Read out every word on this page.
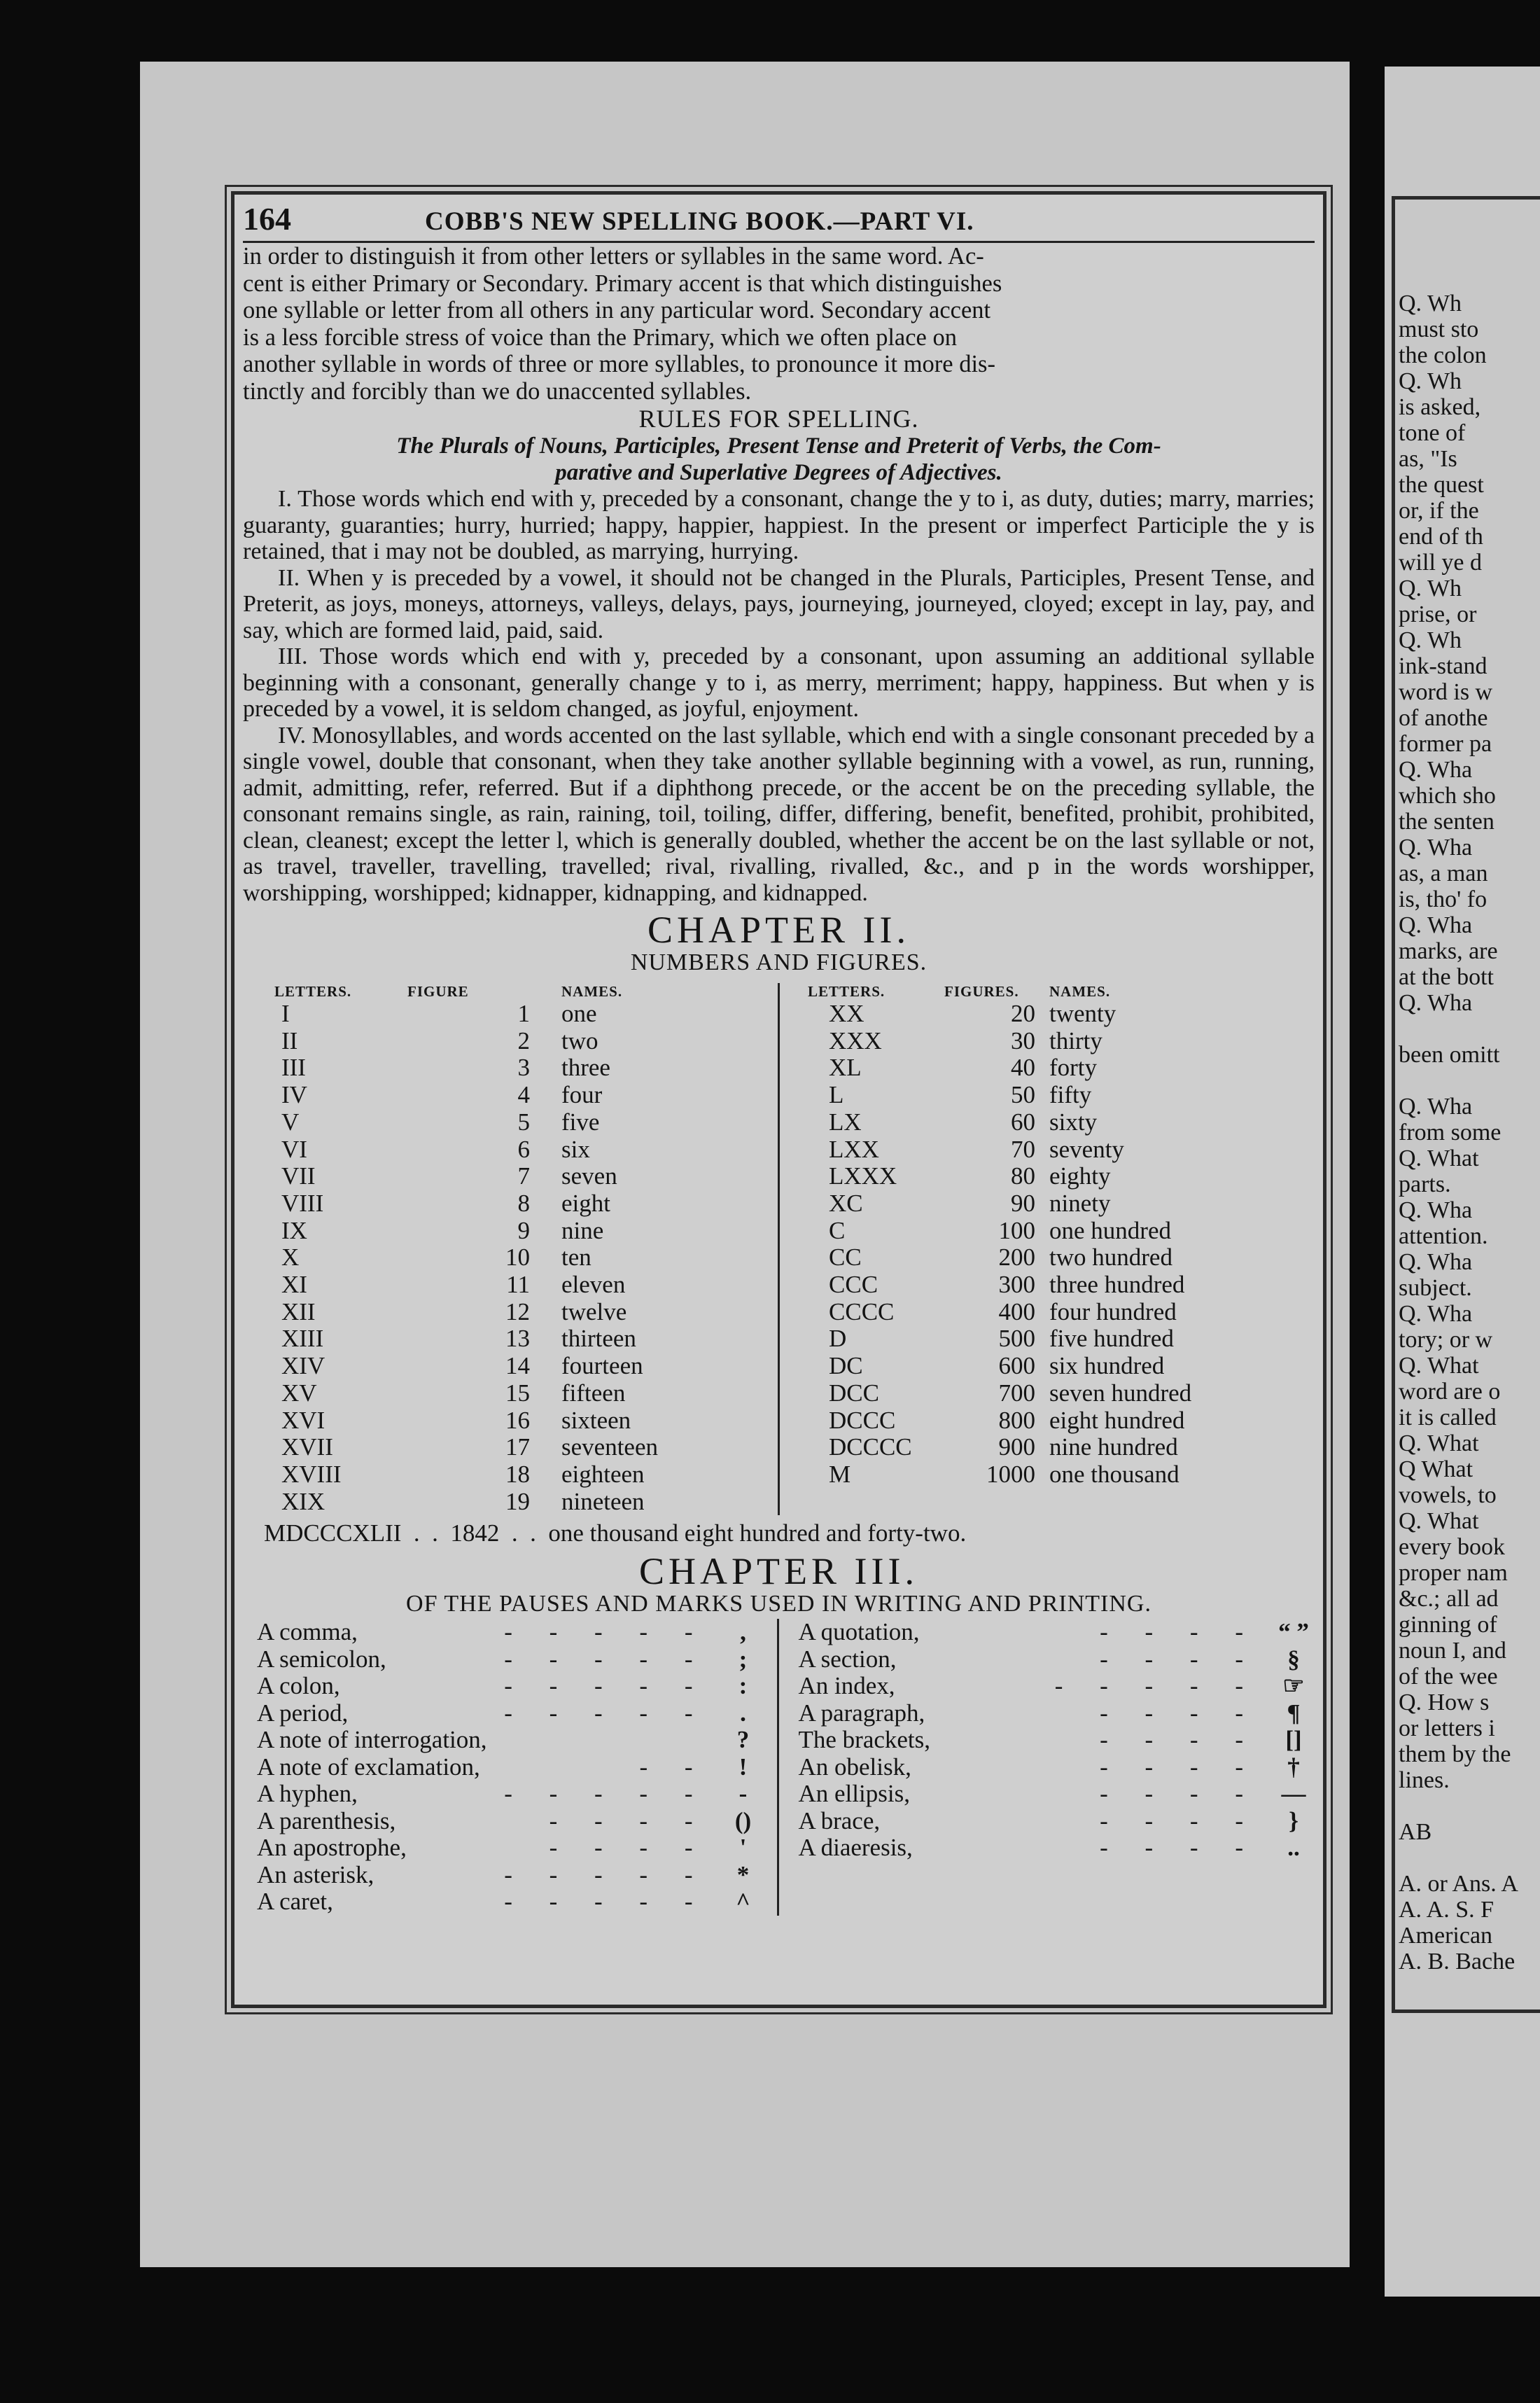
164	COBB'S NEW SPELLING BOOK.—PART VI.

in order to distinguish it from other letters or syllables in the same word. Ac-

cent is either Primary or Secondary. Primary accent is that which distinguishes

one syllable or letter from all others in any particular word. Secondary accent

is a less forcible stress of voice than the Primary, which we often place on

another syllable in words of three or more syllables, to pronounce it more dis-

tinctly and forcibly than we do unaccented syllables.

RULES FOR SPELLING.

The Plurals of Nouns, Participles, Present Tense and Preterit of Verbs, the Com-

parative and Superlative Degrees of Adjectives.

I. Those words which end with y, preceded by a consonant, change the y to i, as duty, duties; marry, marries; guaranty, guaranties; hurry, hurried; happy, happier, happiest. In the present or imperfect Participle the y is retained, that i may not be doubled, as marrying, hurrying.

II. When y is preceded by a vowel, it should not be changed in the Plurals, Participles, Present Tense, and Preterit, as joys, moneys, attorneys, valleys, delays, pays, journeying, journeyed, cloyed; except in lay, pay, and say, which are formed laid, paid, said.

III. Those words which end with y, preceded by a consonant, upon assuming an additional syllable beginning with a consonant, generally change y to i, as merry, merriment; happy, happiness. But when y is preceded by a vowel, it is seldom changed, as joyful, enjoyment.

IV. Monosyllables, and words accented on the last syllable, which end with a single consonant preceded by a single vowel, double that consonant, when they take another syllable beginning with a vowel, as run, running, admit, admitting, refer, referred. But if a diphthong precede, or the accent be on the preceding syllable, the consonant remains single, as rain, raining, toil, toiling, differ, differing, benefit, benefited, prohibit, prohibited, clean, cleanest; except the letter l, which is generally doubled, whether the accent be on the last syllable or not, as travel, traveller, travelling, travelled; rival, rivalling, rivalled, &c., and p in the words worshipper, worshipping, worshipped; kidnapper, kidnapping, and kidnapped.

CHAPTER II.

NUMBERS AND FIGURES.

LETTERS.	FIGURE	NAMES.
I	1	one
II	2	two
III	3	three
IV	4	four
V	5	five
VI	6	six
VII	7	seven
VIII	8	eight
IX	9	nine
X	10	ten
XI	11	eleven
XII	12	twelve
XIII	13	thirteen
XIV	14	fourteen
XV	15	fifteen
XVI	16	sixteen
XVII	17	seventeen
XVIII	18	eighteen
XIX	19	nineteen
LETTERS.	FIGURES.	NAMES.
XX	20 twenty
XXX	30 thirty
XL	40 forty
L	50 fifty
LX	60 sixty
LXX	70 seventy
LXXX	80 eighty
XC	90 ninety
C	100 one hundred
CC	200 two hundred
CCC	300 three hundred
CCCC	400 four hundred
D	500 five hundred
DC	600 six hundred
DCC	700 seven hundred
DCCC	800 eight hundred
DCCCC	900 nine hundred
M	1000 one thousand

MDCCCXLII  .  .  1842  .  .  one thousand eight hundred and forty-two.

CHAPTER III.

OF THE PAUSES AND MARKS USED IN WRITING AND PRINTING.

A comma,	- - - - -	,
A semicolon,	- - - - -	;
A colon,	- - - - -	:
A period,	- - - - -	.
A note of interrogation,	?
A note of exclamation,	- -	!
A hyphen,	- - - - -	-
A parenthesis,	- - - -	()
An apostrophe,	- - - -	'
An asterisk,	- - - - -	*
A caret,	- - - - -	^
A quotation,	- - - - “ ”
A section,	- - - -	§
An index,	- - - - - ☞
A paragraph,	- - - -	¶
The brackets,	- - - -	[]
An obelisk,	- - - -	†
An ellipsis,	- - - - —
A brace,	- - - -	}
A diaeresis,	- - - -	..
Q. Wh
must sto
the colon
Q. Wh
is asked,
tone of
as, "Is
the quest
or, if the
end of th
will ye d
Q. Wh
prise, or
Q. Wh
ink-stand
word is w
of anothe
former pa
Q. Wha
which sho
the senten
Q. Wha
as, a man
is, tho' fo
Q. Wha
marks, are
at the bott
Q. Wha

been omitt

Q. Wha
from some
Q. What
parts.
Q. Wha
attention.
Q. Wha
subject.
Q. Wha
tory; or w
Q. What
word are o
it is called
Q. What
Q What
vowels, to
Q. What
every book
proper nam
&c.; all ad
ginning of
noun I, and
of the wee
Q. How s
or letters i
them by the
lines.

AB

A. or Ans. A
A. A. S. F
American
A. B. Bache
